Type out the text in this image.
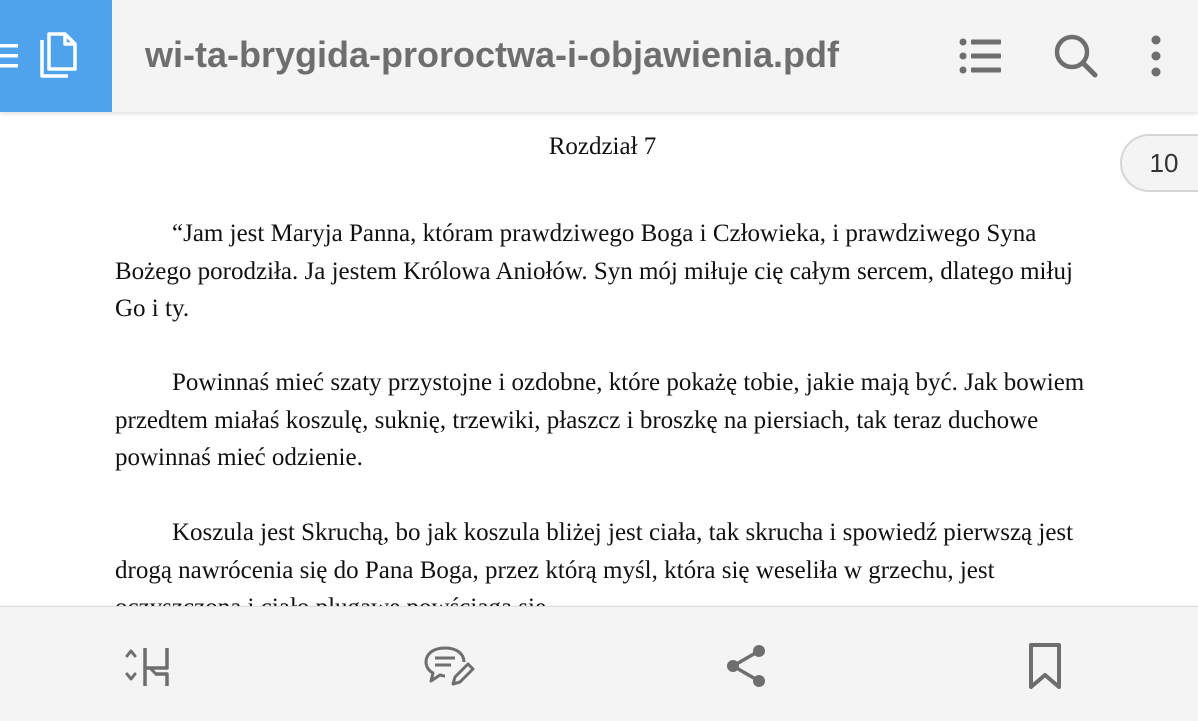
wi-ta-brygida-proroctwa-i-objawienia.pdf
Rozdział 7

“Jam jest Maryja Panna, któram prawdziwego Boga i Człowieka, i prawdziwego Syna Bożego porodziła. Ja jestem Królowa Aniołów. Syn mój miłuje cię całym sercem, dlatego miłuj Go i ty.

Powinnaś mieć szaty przystojne i ozdobne, które pokażę tobie, jakie mają być. Jak bowiem przedtem miałaś koszulę, suknię, trzewiki, płaszcz i broszkę na piersiach, tak teraz duchowe powinnaś mieć odzienie.

Koszula jest Skruchą, bo jak koszula bliżej jest ciała, tak skrucha i spowiedź pierwszą jest drogą nawrócenia się do Pana Boga, przez którą myśl, która się weseliła w grzechu, jest

10
